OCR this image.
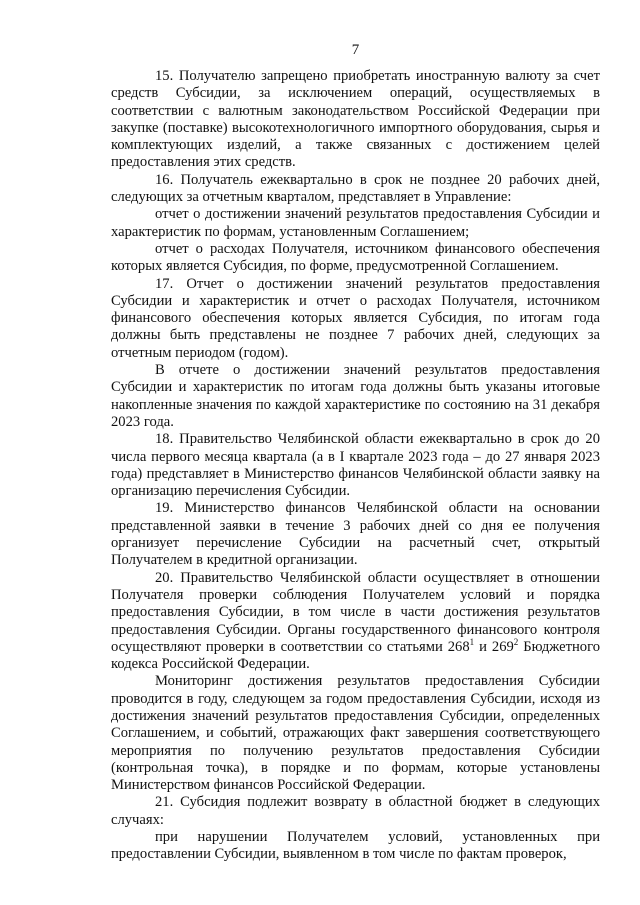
7

15. Получателю запрещено приобретать иностранную валюту за счет средств Субсидии, за исключением операций, осуществляемых в соответствии с валютным законодательством Российской Федерации при закупке (поставке) высокотехнологичного импортного оборудования, сырья и комплектующих изделий, а также связанных с достижением целей предоставления этих средств.

16. Получатель ежеквартально в срок не позднее 20 рабочих дней, следующих за отчетным кварталом, представляет в Управление:

отчет о достижении значений результатов предоставления Субсидии и характеристик по формам, установленным Соглашением;

отчет о расходах Получателя, источником финансового обеспечения которых является Субсидия, по форме, предусмотренной Соглашением.

17. Отчет о достижении значений результатов предоставления Субсидии и характеристик и отчет о расходах Получателя, источником финансового обеспечения которых является Субсидия, по итогам года должны быть представлены не позднее 7 рабочих дней, следующих за отчетным периодом (годом).

В отчете о достижении значений результатов предоставления Субсидии и характеристик по итогам года должны быть указаны итоговые накопленные значения по каждой характеристике по состоянию на 31 декабря 2023 года.

18. Правительство Челябинской области ежеквартально в срок до 20 числа первого месяца квартала (а в I квартале 2023 года – до 27 января 2023 года) представляет в Министерство финансов Челябинской области заявку на организацию перечисления Субсидии.

19. Министерство финансов Челябинской области на основании представленной заявки в течение 3 рабочих дней со дня ее получения организует перечисление Субсидии на расчетный счет, открытый Получателем в кредитной организации.

20. Правительство Челябинской области осуществляет в отношении Получателя проверки соблюдения Получателем условий и порядка предоставления Субсидии, в том числе в части достижения результатов предоставления Субсидии. Органы государственного финансового контроля осуществляют проверки в соответствии со статьями $268^1$ и $269^2$ Бюджетного кодекса Российской Федерации.

Мониторинг достижения результатов предоставления Субсидии проводится в году, следующем за годом предоставления Субсидии, исходя из достижения значений результатов предоставления Субсидии, определенных Соглашением, и событий, отражающих факт завершения соответствующего мероприятия по получению результатов предоставления Субсидии (контрольная точка), в порядке и по формам, которые установлены Министерством финансов Российской Федерации.

21. Субсидия подлежит возврату в областной бюджет в следующих случаях:

при нарушении Получателем условий, установленных при предоставлении Субсидии, выявленном в том числе по фактам проверок,
